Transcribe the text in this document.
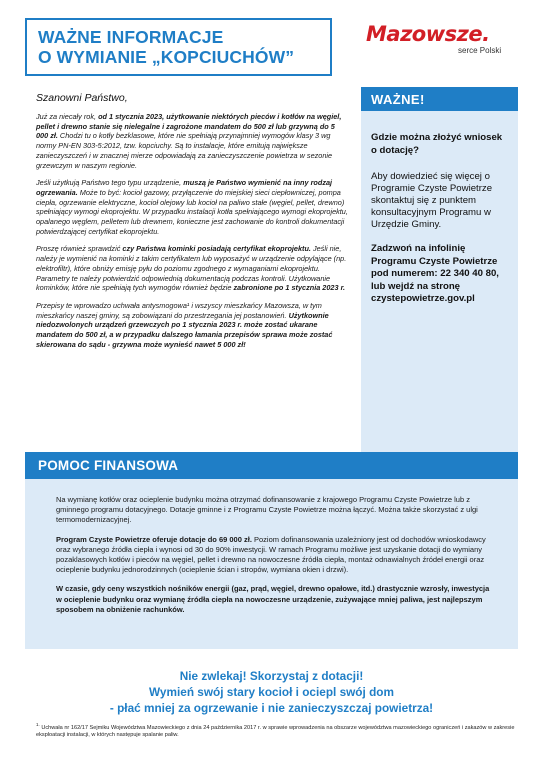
WAŻNE INFORMACJE
O WYMIANIE „KOPCIUCHÓW”
Mazowsze.
serce Polski
Szanowni Państwo,
Już za niecały rok, od 1 stycznia 2023, użytkowanie niektórych pieców i kotłów na węgiel, pellet i drewno stanie się nielegalne i zagrożone mandatem do 500 zł lub grzywną do 5 000 zł. Chodzi tu o kotły bezklasowe, które nie spełniają przynajmniej wymogów klasy 3 wg normy PN-EN 303-5:2012, tzw. kopciuchy. Są to instalacje, które emitują największe zanieczyszczeń i w znacznej mierze odpowiadają za zanieczyszczenie powietrza w sezonie grzewczym w naszym regionie.
Jeśli użytkują Państwo tego typu urządzenie, muszą je Państwo wymienić na inny rodzaj ogrzewania. Może to być: kocioł gazowy, przyłączenie do miejskiej sieci ciepłowniczej, pompa ciepła, ogrzewanie elektryczne, kocioł olejowy lub kocioł na paliwo stałe (węgiel, pellet, drewno) spełniający wymogi ekoprojektu. W przypadku instalacji kotła spełniającego wymogi ekoprojektu, opalanego węglem, pelletem lub drewnem, konieczne jest zachowanie do kontroli dokumentacji potwierdzającej certyfikat ekoprojektu.
Proszę również sprawdzić czy Państwa kominki posiadają certyfikat ekoprojektu. Jeśli nie, należy je wymienić na kominki z takim certyfikatem lub wyposażyć w urządzenie odpylające (np. elektrofiltr), które obniży emisję pyłu do poziomu zgodnego z wymaganiami ekoprojektu. Parametry te należy potwierdzić odpowiednią dokumentacją podczas kontroli. Użytkowanie kominków, które nie spełniają tych wymogów również będzie zabronione po 1 stycznia 2023 r.
Przepisy te wprowadzo uchwała antysmogowa¹ i wszyscy mieszkańcy Mazowsza, w tym mieszkańcy naszej gminy, są zobowiązani do przestrzegania jej postanowień. Użytkownie niedozwolonych urządzeń grzewczych po 1 stycznia 2023 r. może zostać ukarane mandatem do 500 zł, a w przypadku dalszego łamania przepisów sprawa może zostać skierowana do sądu - grzywna może wynieść nawet 5 000 zł!
WAŻNE!
Gdzie można złożyć wniosek o dotację?
Aby dowiedzieć się więcej o Programie Czyste Powietrze skontaktuj się z punktem konsultacyjnym Programu w Urzędzie Gminy.
Zadzwoń na infolinię Programu Czyste Powietrze pod numerem: 22 340 40 80, lub wejdź na stronę czystepowietrze.gov.pl
POMOC FINANSOWA
Na wymianę kotłów oraz ocieplenie budynku można otrzymać dofinansowanie z krajowego Programu Czyste Powietrze lub z gminnego programu dotacyjnego. Dotacje gminne i z Programu Czyste Powietrze można łączyć. Można także skorzystać z ulgi termomodernizacyjnej.
Program Czyste Powietrze oferuje dotacje do 69 000 zł. Poziom dofinansowania uzależniony jest od dochodów wnioskodawcy oraz wybranego źródła ciepła i wynosi od 30 do 90% inwestycji. W ramach Programu możliwe jest uzyskanie dotacji do wymiany pozaklasowych kotłów i pieców na węgiel, pellet i drewno na nowoczesne źródła ciepła, montaż odnawialnych źródeł energii oraz ocieplenie budynku jednorodzinnych (ocieplenie ścian i stropów, wymiana okien i drzwi).
W czasie, gdy ceny wszystkich nośników energii (gaz, prąd, węgiel, drewno opałowe, itd.) drastycznie wzrosły, inwestycja w ocieplenie budynku oraz wymianę źródła ciepła na nowoczesne urządzenie, zużywające mniej paliwa, jest najlepszym sposobem na obniżenie rachunków.
Nie zwlekaj! Skorzystaj z dotacji!
Wymień swój stary kocioł i ociepl swój dom
- płać mniej za ogrzewanie i nie zanieczyszczaj powietrza!
$^{1.}$ Uchwała nr 162/17 Sejmiku Województwa Mazowieckiego z dnia 24 października 2017 r. w sprawie wprowadzenia na obszarze województwa mazowieckiego ograniczeń i zakazów w zakresie eksploatacji instalacji, w których następuje spalanie paliw.
